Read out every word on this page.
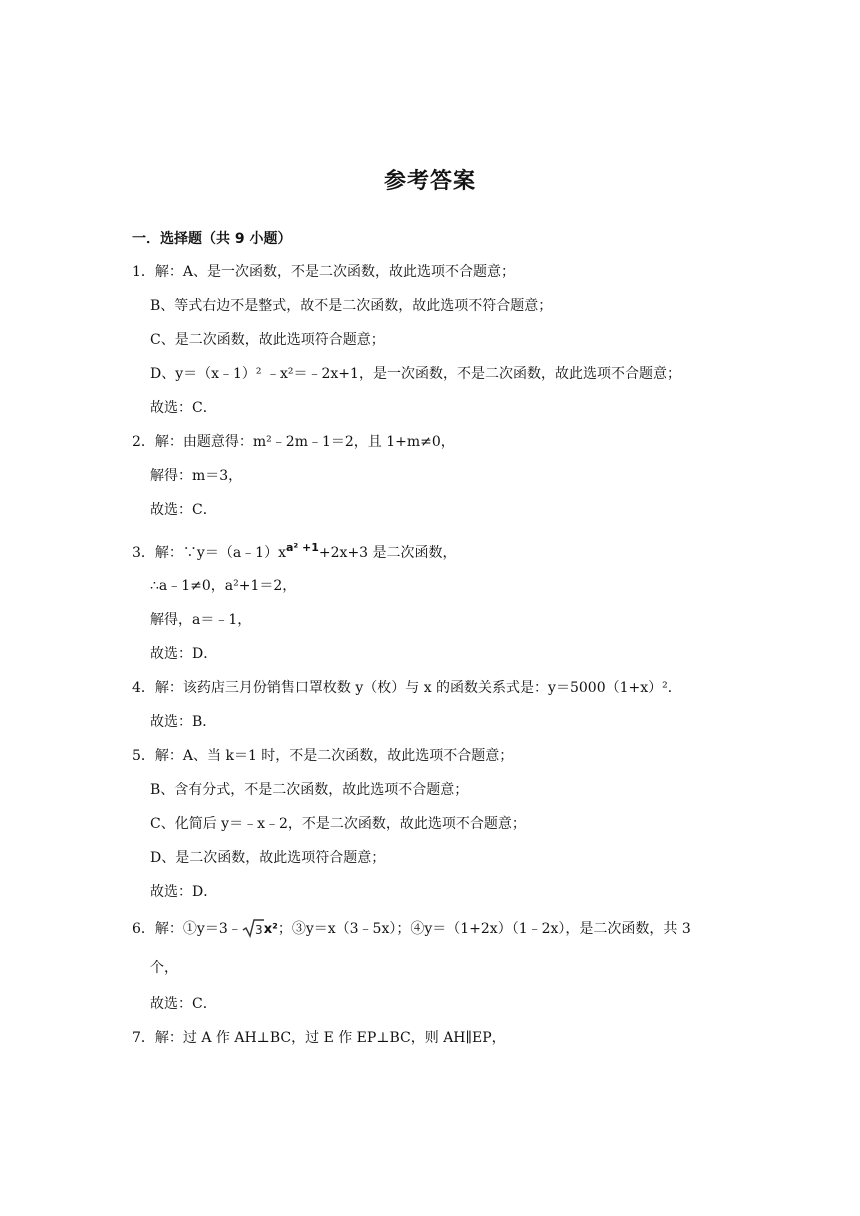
参考答案
一．选择题（共 9 小题）
1．解：A、是一次函数，不是二次函数，故此选项不合题意；
B、等式右边不是整式，故不是二次函数，故此选项不符合题意；
C、是二次函数，故此选项符合题意；
D、y＝（x﹣1）² ﹣x²＝﹣2x+1，是一次函数，不是二次函数，故此选项不合题意；
故选：C．
2．解：由题意得：m²﹣2m﹣1＝2，且 1+m≠0，
解得：m＝3，
故选：C．
3．解：∵y＝（a﹣1）xa² +1+2x+3 是二次函数，
∴a﹣1≠0，a²+1＝2，
解得，a＝﹣1，
故选：D．
4．解：该药店三月份销售口罩枚数 y（枚）与 x 的函数关系式是：y＝5000（1+x）²．
故选：B．
5．解：A、当 k＝1 时，不是二次函数，故此选项不合题意；
B、含有分式，不是二次函数，故此选项不合题意；
C、化简后 y＝﹣x﹣2，不是二次函数，故此选项不合题意；
D、是二次函数，故此选项符合题意；
故选：D．
6．解：①y＝3﹣ 3 x²；③y＝x（3﹣5x）；④y＝（1+2x）（1﹣2x），是二次函数，共 3
个，
故选：C．
7．解：过 A 作 AH⊥BC，过 E 作 EP⊥BC，则 AH∥EP，
